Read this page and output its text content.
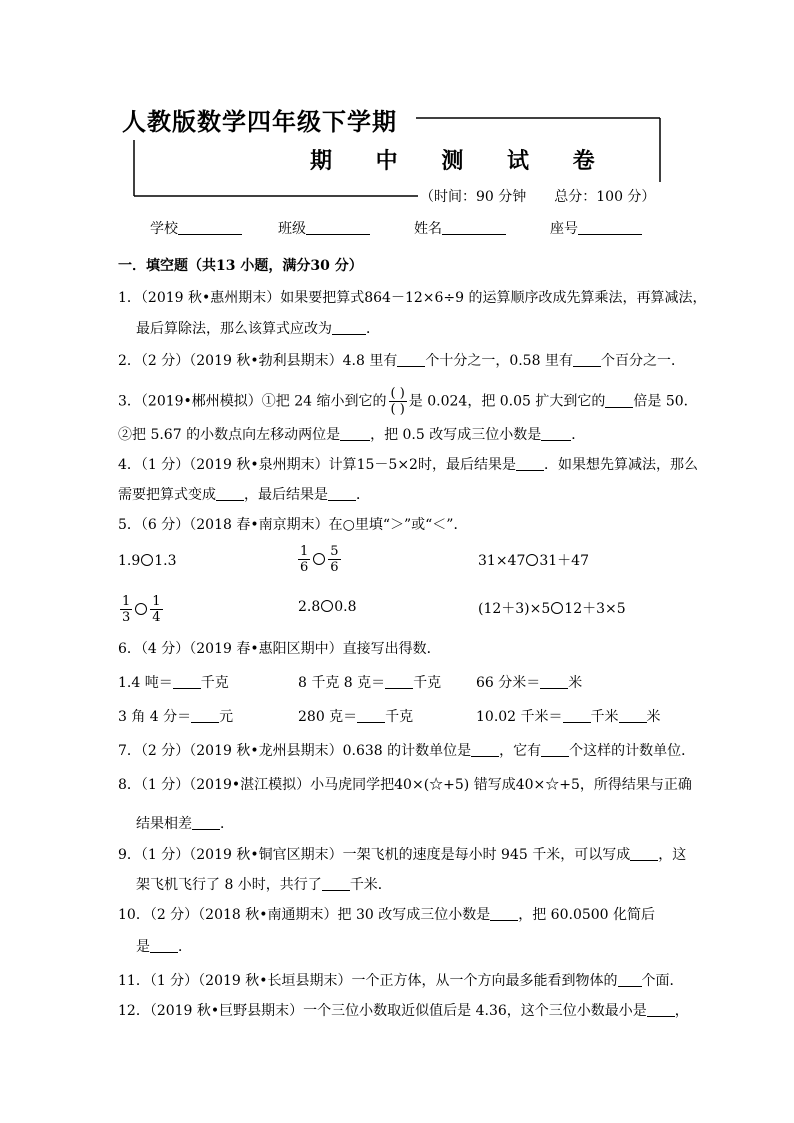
人教版数学四年级下学期
期 中 测 试 卷
（时间：90 分钟　　总分：100 分）
学校	班级	姓名	座号
一．填空题（共13 小题，满分30 分）
1．（2019 秋•惠州期末）如果要把算式864－12×6÷9 的运算顺序改成先算乘法，再算减法，
最后算除法，那么该算式应改为 ．
2．（2 分）（2019 秋•勃利县期末）4.8 里有 个十分之一，0.58 里有 个百分之一．
3．（2019•郴州模拟）①把 24 缩小到它的 $\frac{( )}{( )}$ 是 0.024，把 0.05 扩大到它的 倍是 50．
②把 5.67 的小数点向左移动两位是 ，把 0.5 改写成三位小数是 ．
4．（1 分）（2019 秋•泉州期末）计算15－5×2时，最后结果是 ．如果想先算减法，那么
需要把算式变成 ，最后结果是 ．
5．（6 分）（2018 春•南京期末）在○里填“＞”或“＜”．
1.9 1.3	$\frac{1}{6} \frac{5}{6}$	31×47 31＋47
$\frac{1}{3} \frac{1}{4}$	2.8 0.8	(12＋3)×5 12＋3×5
6．（4 分）（2019 春•惠阳区期中）直接写出得数．
1.4 吨＝ 千克	8 千克 8 克＝ 千克 66 分米＝ 米
3 角 4 分＝ 元	280 克＝ 千克	10.02 千米＝ 千米 米
7．（2 分）（2019 秋•龙州县期末）0.638 的计数单位是 ，它有 个这样的计数单位．
8．（1 分）（2019•湛江模拟）小马虎同学把40×(☆+5) 错写成40×☆+5，所得结果与正确
结果相差 ．
9．（1 分）（2019 秋•铜官区期末）一架飞机的速度是每小时 945 千米，可以写成 ，这
架飞机飞行了 8 小时，共行了 千米．
10．（2 分）（2018 秋•南通期末）把 30 改写成三位小数是 ，把 60.0500 化简后
是 ．
11．（1 分）（2019 秋•长垣县期末）一个正方体，从一个方向最多能看到物体的 个面．
12．（2019 秋•巨野县期末）一个三位小数取近似值后是 4.36，这个三位小数最小是 ，
